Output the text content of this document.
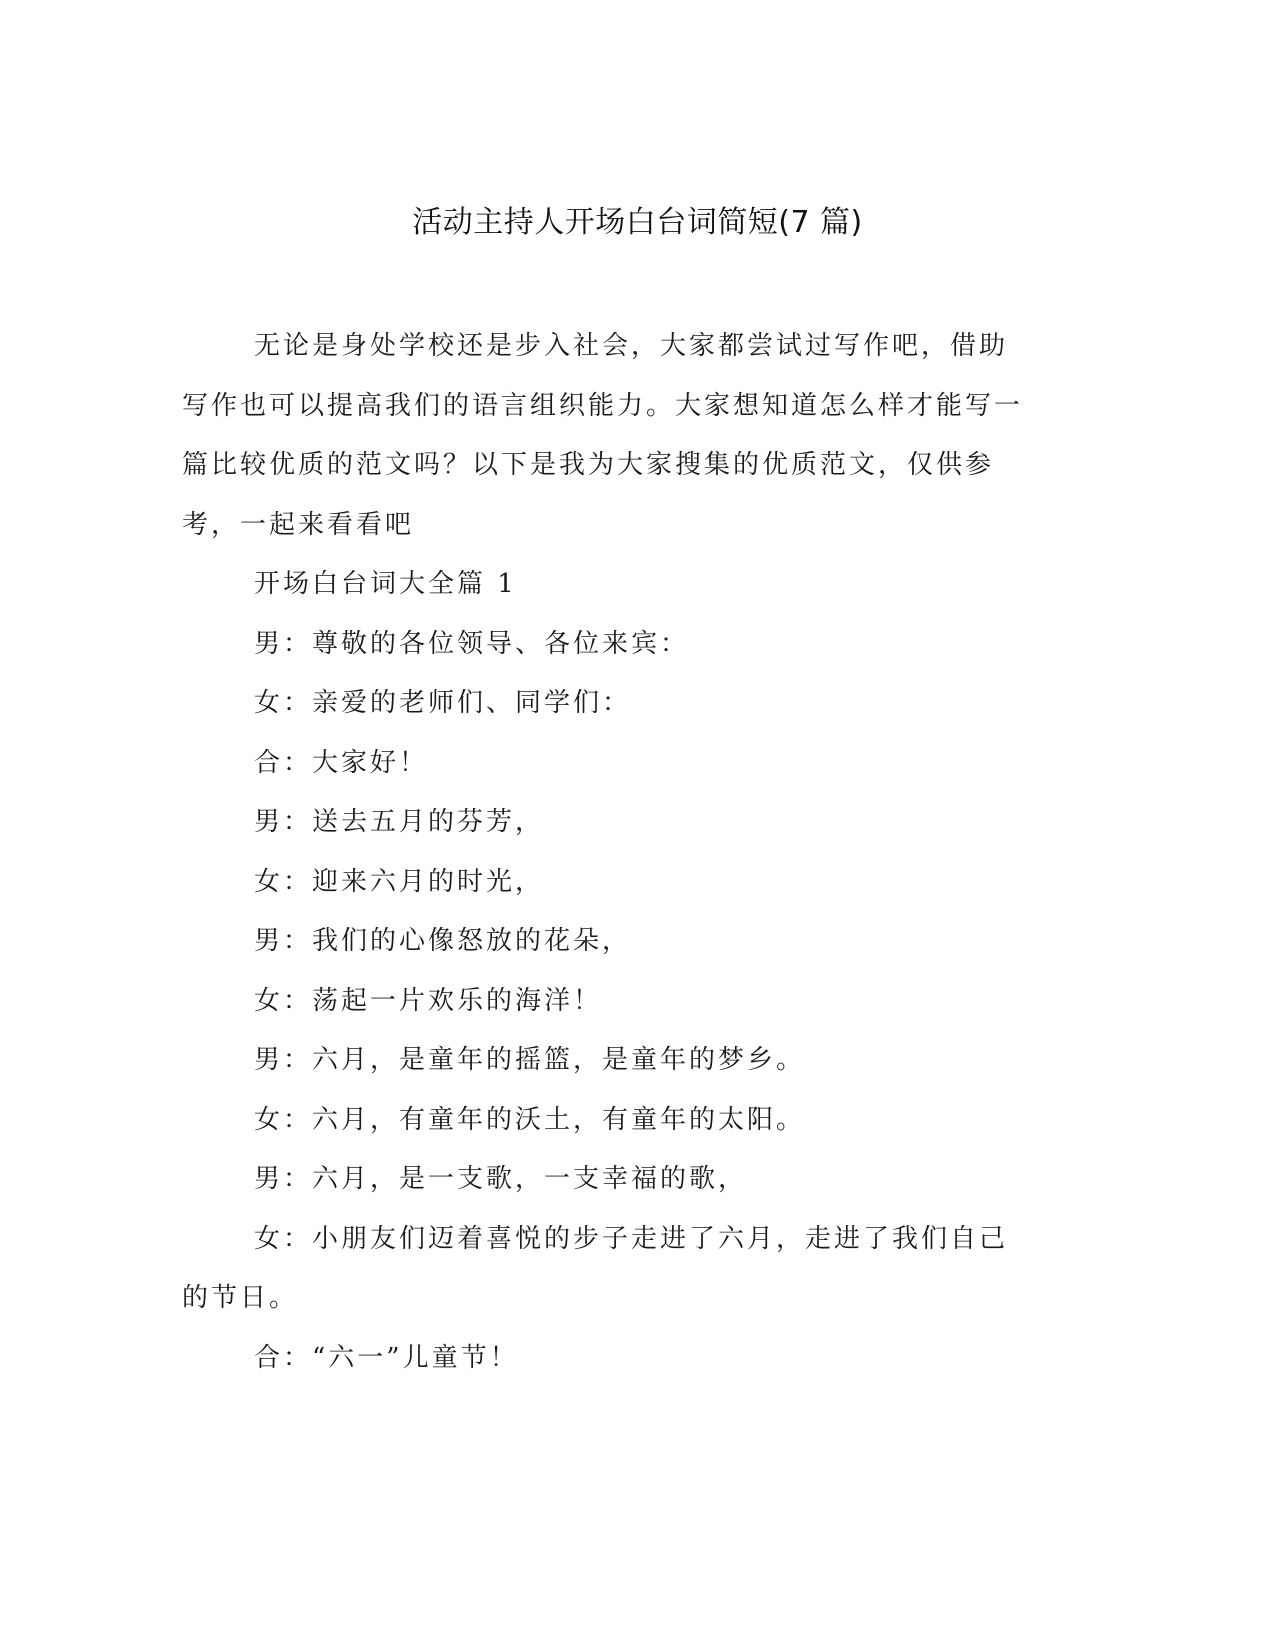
活动主持人开场白台词简短(7 篇)

无论是身处学校还是步入社会，大家都尝试过写作吧，借助写作也可以提高我们的语言组织能力。大家想知道怎么样才能写一篇比较优质的范文吗？以下是我为大家搜集的优质范文，仅供参考，一起来看看吧

开场白台词大全篇 1

男：尊敬的各位领导、各位来宾：

女：亲爱的老师们、同学们：

合：大家好！

男：送去五月的芬芳，

女：迎来六月的时光，

男：我们的心像怒放的花朵，

女：荡起一片欢乐的海洋！

男：六月，是童年的摇篮，是童年的梦乡。

女：六月，有童年的沃土，有童年的太阳。

男：六月，是一支歌，一支幸福的歌，

女：小朋友们迈着喜悦的步子走进了六月，走进了我们自己的节日。

合：“六一”儿童节！
